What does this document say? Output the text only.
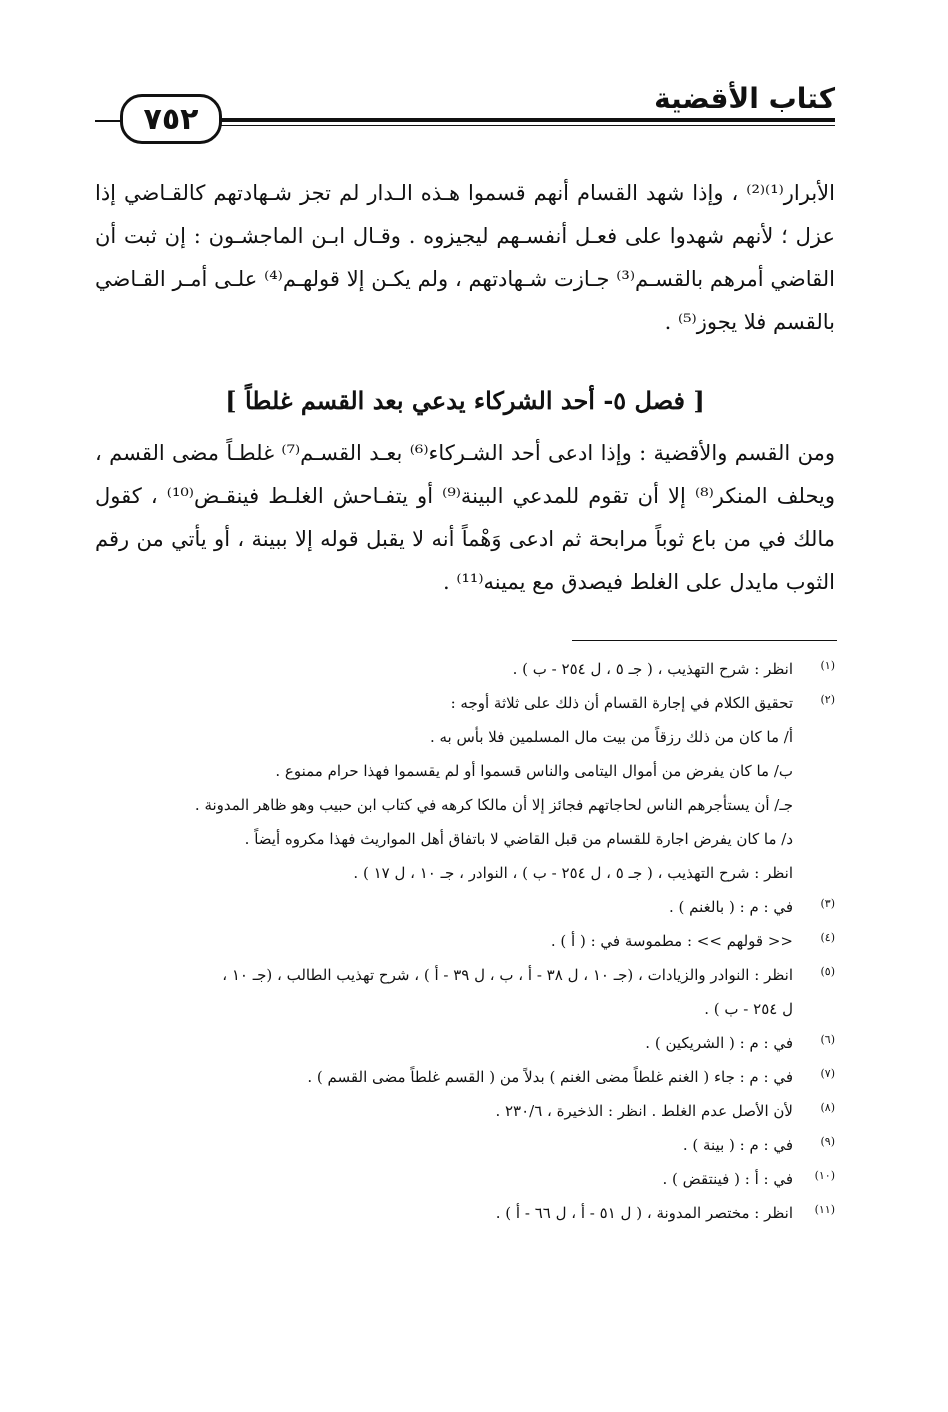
٧٥٢
كتاب الأقضية

الأبرار⁽¹⁾⁽²⁾ ، وإذا شهد القسام أنهم قسموا هـذه الـدار لم تجز شـهادتهم كالقـاضي إذا عزل ؛ لأنهم شهدوا على فعـل أنفسـهم ليجيزوه . وقـال ابـن الماجشـون : إن ثبت أن القاضي أمرهم بالقسـم⁽³⁾ جـازت شـهادتهم ، ولم يكـن إلا قولهـم⁽⁴⁾ علـى أمـر القـاضي بالقسم فلا يجوز⁽⁵⁾ .

[ فصل ٥- أحد الشركاء يدعي بعد القسم غلطاً ]

ومن القسم والأقضية : وإذا ادعى أحد الشـركاء⁽⁶⁾ بعـد القسـم⁽⁷⁾ غلطـاً مضى القسم ، ويحلف المنكر⁽⁸⁾ إلا أن تقوم للمدعي البينة⁽⁹⁾ أو يتفـاحش الغلـط فينقـض⁽¹⁰⁾ ، كقول مالك في من باع ثوباً مرابحة ثم ادعى وَهْماً أنه لا يقبل قوله إلا ببينة ، أو يأتي من رقم الثوب مايدل على الغلط فيصدق مع يمينه⁽¹¹⁾ .

(١)
انظر : شرح التهذيب ، ( جـ ٥ ، ل ٢٥٤ - ب ) .
(٢)
تحقيق الكلام في إجارة القسام أن ذلك على ثلاثة أوجه :
أ/ ما كان من ذلك رزقاً من بيت مال المسلمين فلا بأس به .
ب/ ما كان يفرض من أموال اليتامى والناس قسموا أو لم يقسموا فهذا حرام ممنوع .
جـ/ أن يستأجرهم الناس لحاجاتهم فجائز إلا أن مالكا كرهه في كتاب ابن حبيب وهو ظاهر المدونة .
د/ ما كان يفرض اجارة للقسام من قبل القاضي لا باتفاق أهل المواريث فهذا مكروه أيضاً .
انظر : شرح التهذيب ، ( جـ ٥ ، ل ٢٥٤ - ب ) ، النوادر ، جـ ١٠ ، ل ١٧ ) .
(٣)
في : م : ( بالغنم ) .
(٤)
<< قولهم >> : مطموسة في : ( أ ) .
(٥)
انظر : النوادر والزيادات ، (جـ ١٠ ، ل ٣٨ - أ ، ب ، ل ٣٩ - أ ) ، شرح تهذيب الطالب ، (جـ ١٠ ،
ل ٢٥٤ - ب ) .
(٦)
في : م : ( الشريكين ) .
(٧)
في : م : جاء ( الغنم غلطاً مضى الغنم ) بدلاً من ( القسم غلطاً مضى القسم ) .
(٨)
لأن الأصل عدم الغلط . انظر : الذخيرة ، ٢٣٠/٦ .
(٩)
في : م : ( بينة ) .
(١٠)
في : أ : ( فينتقض ) .
(١١)
انظر : مختصر المدونة ، ( ل ٥١ - أ ، ل ٦٦ - أ ) .
